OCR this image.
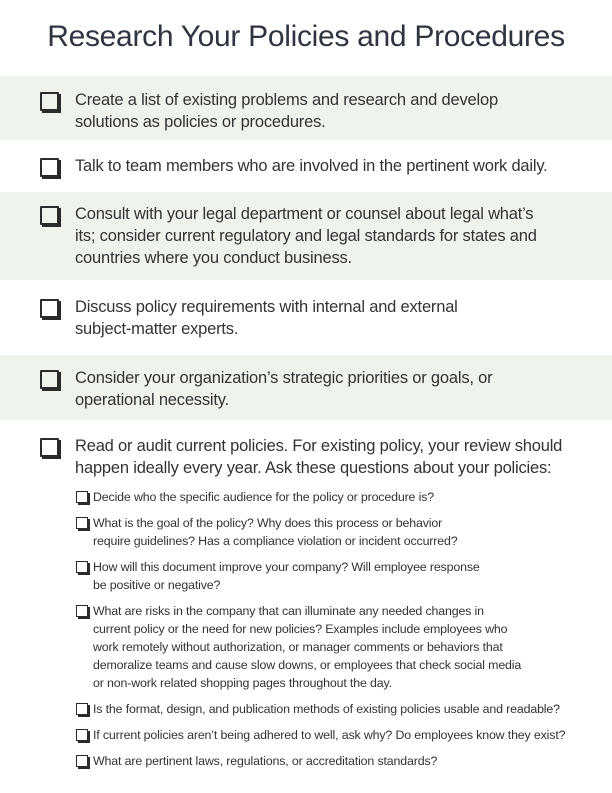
Research Your Policies and Procedures
Create a list of existing problems and research and develop
solutions as policies or procedures.
Talk to team members who are involved in the pertinent work daily.
Consult with your legal department or counsel about legal what’s
its; consider current regulatory and legal standards for states and
countries where you conduct business.
Discuss policy requirements with internal and external
subject-matter experts.
Consider your organization’s strategic priorities or goals, or
operational necessity.
Read or audit current policies. For existing policy, your review should
happen ideally every year. Ask these questions about your policies:
Decide who the specific audience for the policy or procedure is?
What is the goal of the policy? Why does this process or behavior
require guidelines? Has a compliance violation or incident occurred?
How will this document improve your company? Will employee response
be positive or negative?
What are risks in the company that can illuminate any needed changes in
current policy or the need for new policies? Examples include employees who
work remotely without authorization, or manager comments or behaviors that
demoralize teams and cause slow downs, or employees that check social media
or non-work related shopping pages throughout the day.
Is the format, design, and publication methods of existing policies usable and readable?
If current policies aren’t being adhered to well, ask why? Do employees know they exist?
What are pertinent laws, regulations, or accreditation standards?
